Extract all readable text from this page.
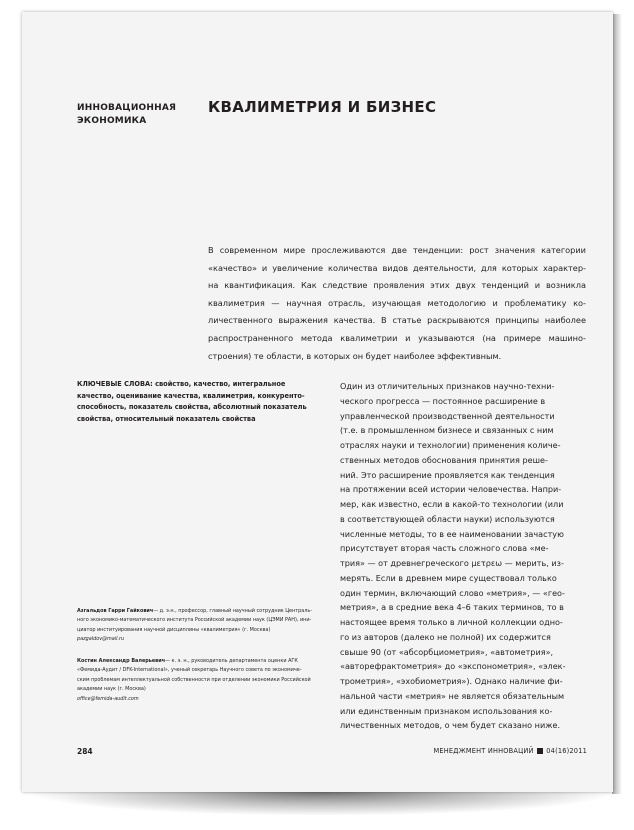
ИННОВАЦИОННАЯ
ЭКОНОМИКА
КВАЛИМЕТРИЯ И БИЗНЕС
В современном мире прослеживаются две тенденции: рост значения категории
«качество» и увеличение количества видов деятельности, для которых характер-
на квантификация. Как следствие проявления этих двух тенденций и возникла
квалиметрия — научная отрасль, изучающая методологию и проблематику ко-
личественного выражения качества. В статье раскрываются принципы наиболее
распространенного метода квалиметрии и указываются (на примере машино-
строения) те области, в которых он будет наиболее эффективным.
КЛЮЧЕВЫЕ СЛОВА: свойство, качество, интегральное
качество, оценивание качества, квалиметрия, конкуренто-
способность, показатель свойства, абсолютный показатель
свойства, относительный показатель свойства
Один из отличительных признаков научно-техни-
ческого прогресса — постоянное расширение в
управленческой производственной деятельности
(т.е. в промышленном бизнесе и связанных с ним
отраслях науки и технологии) применения количе-
ственных методов обоснования принятия реше-
ний. Это расширение проявляется как тенденция
на протяжении всей истории человечества. Напри-
мер, как известно, если в какой-то технологии (или
в соответствующей области науки) используются
численные методы, то в ее наименовании зачастую
присутствует вторая часть сложного слова «ме-
трия» — от древнегреческого μετρεω — мерить, из-
мерять. Если в древнем мире существовал только
один термин, включающий слово «метрия», — «гео-
метрия», а в средние века 4–6 таких терминов, то в
настоящее время только в личной коллекции одно-
го из авторов (далеко не полной) их содержится
свыше 90 (от «абсорбциометрия», «автометрия»,
«авторефрактометрия» до «экспонометрия», «элек-
трометрия», «эхобиометрия»). Однако наличие фи-
нальной части «метрия» не является обязательным
или единственным признаком использования ко-
личественных методов, о чем будет сказано ниже.
Азгальдов Гарри Гайкович— д. э.н., профессор, главный научный сотрудник Централь-
ного экономико-математического института Российской академии наук (ЦЭМИ РАН), ини-
циатор институирования научной дисциплины «квалиметрия» (г. Москва)
pazgaldov@mail.ru
Костин Александр Валерьевич— к. э. н., руководитель департамента оценки АГК
«Фемида-Аудит / DFK-International», ученый секретарь Научного совета по экономиче-
ским проблемам интеллектуальной собственности при отделении экономики Российской
академии наук (г. Москва)
office@femida-audit.com
284	МЕНЕДЖМЕНТ ИННОВАЦИЙ 04(16)2011
